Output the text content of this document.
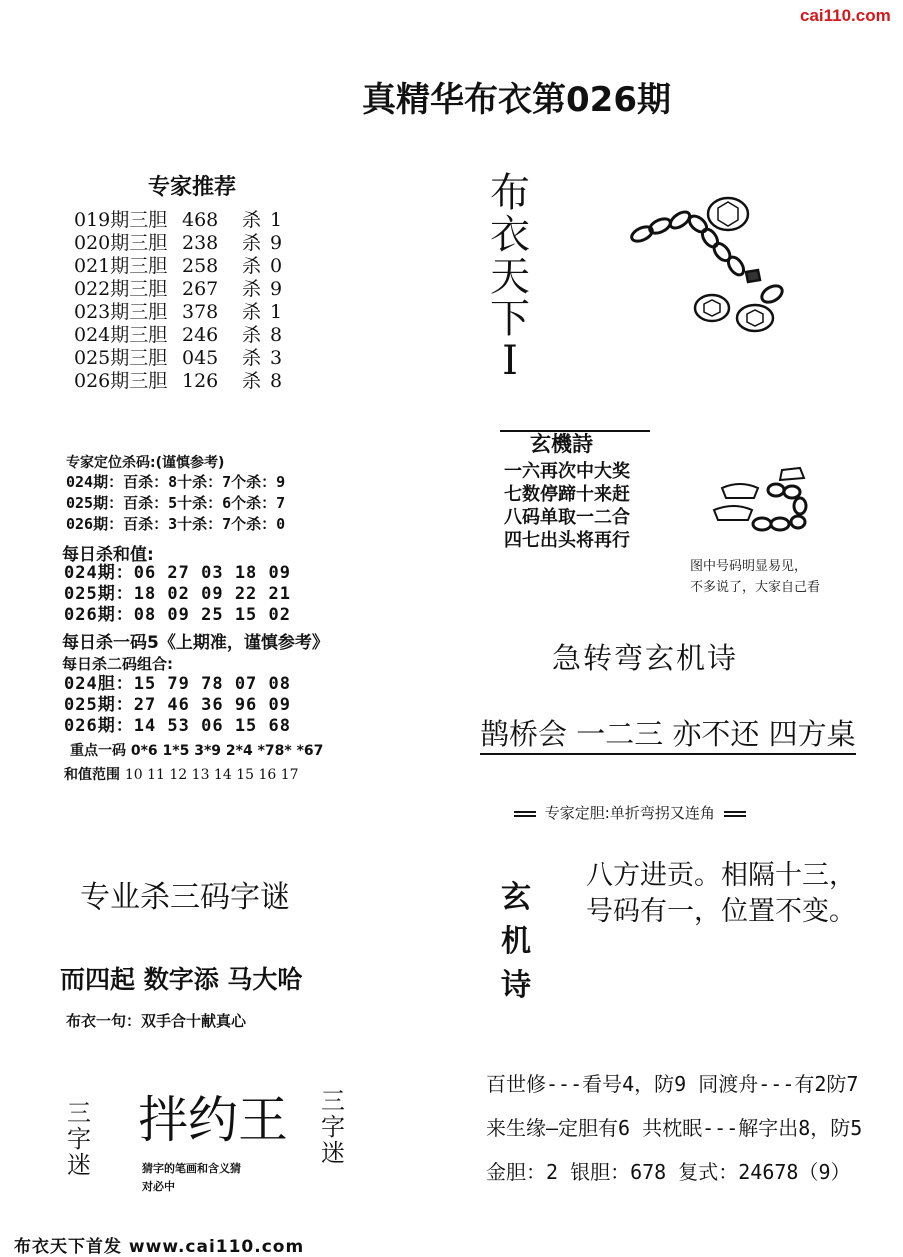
cai110.com
真精华布衣第026期
专家推荐
019期三胆 468 杀 1
020期三胆 238 杀 9
021期三胆 258 杀 0
022期三胆 267 杀 9
023期三胆 378 杀 1
024期三胆 246 杀 8
025期三胆 045 杀 3
026期三胆 126 杀 8
专家定位杀码:(谨慎参考)
024期：百杀：8十杀：7个杀：9
025期：百杀：5十杀：6个杀：7
026期：百杀：3十杀：7个杀：0
每日杀和值:
024期：06 27 03 18 09
025期：18 02 09 22 21
026期：08 09 25 15 02
每日杀一码5《上期准，谨慎参考》
每日杀二码组合:
024胆：15 79 78 07 08
025期：27 46 36 96 09
026期：14 53 06 15 68
重点一码 0*6 1*5 3*9 2*4 *78* *67
和值范围 10 11 12 13 14 15 16 17
专业杀三码字谜
而四起 数字添 马大哈
布衣一句：双手合十献真心
三
字
迷
拌约王
猜字的笔画和含义猜
对必中
三
字
迷
布衣天下首发 www.cai110.com
布
衣
天
下
I
玄機詩
一六再次中大奖
七数停蹄十来赶
八码单取一二合
四七出头将再行
图中号码明显易见，
不多说了，大家自己看
急转弯玄机诗
鹊桥会 一二三 亦不还 四方桌
专家定胆:单折弯拐又连角
玄
机
诗
八方进贡。相隔十三，
号码有一，位置不变。
百世修---看号4，防9 同渡舟---有2防7
来生缘—定胆有6 共枕眠---解字出8，防5
金胆：2 银胆：678 复式：24678（9）
